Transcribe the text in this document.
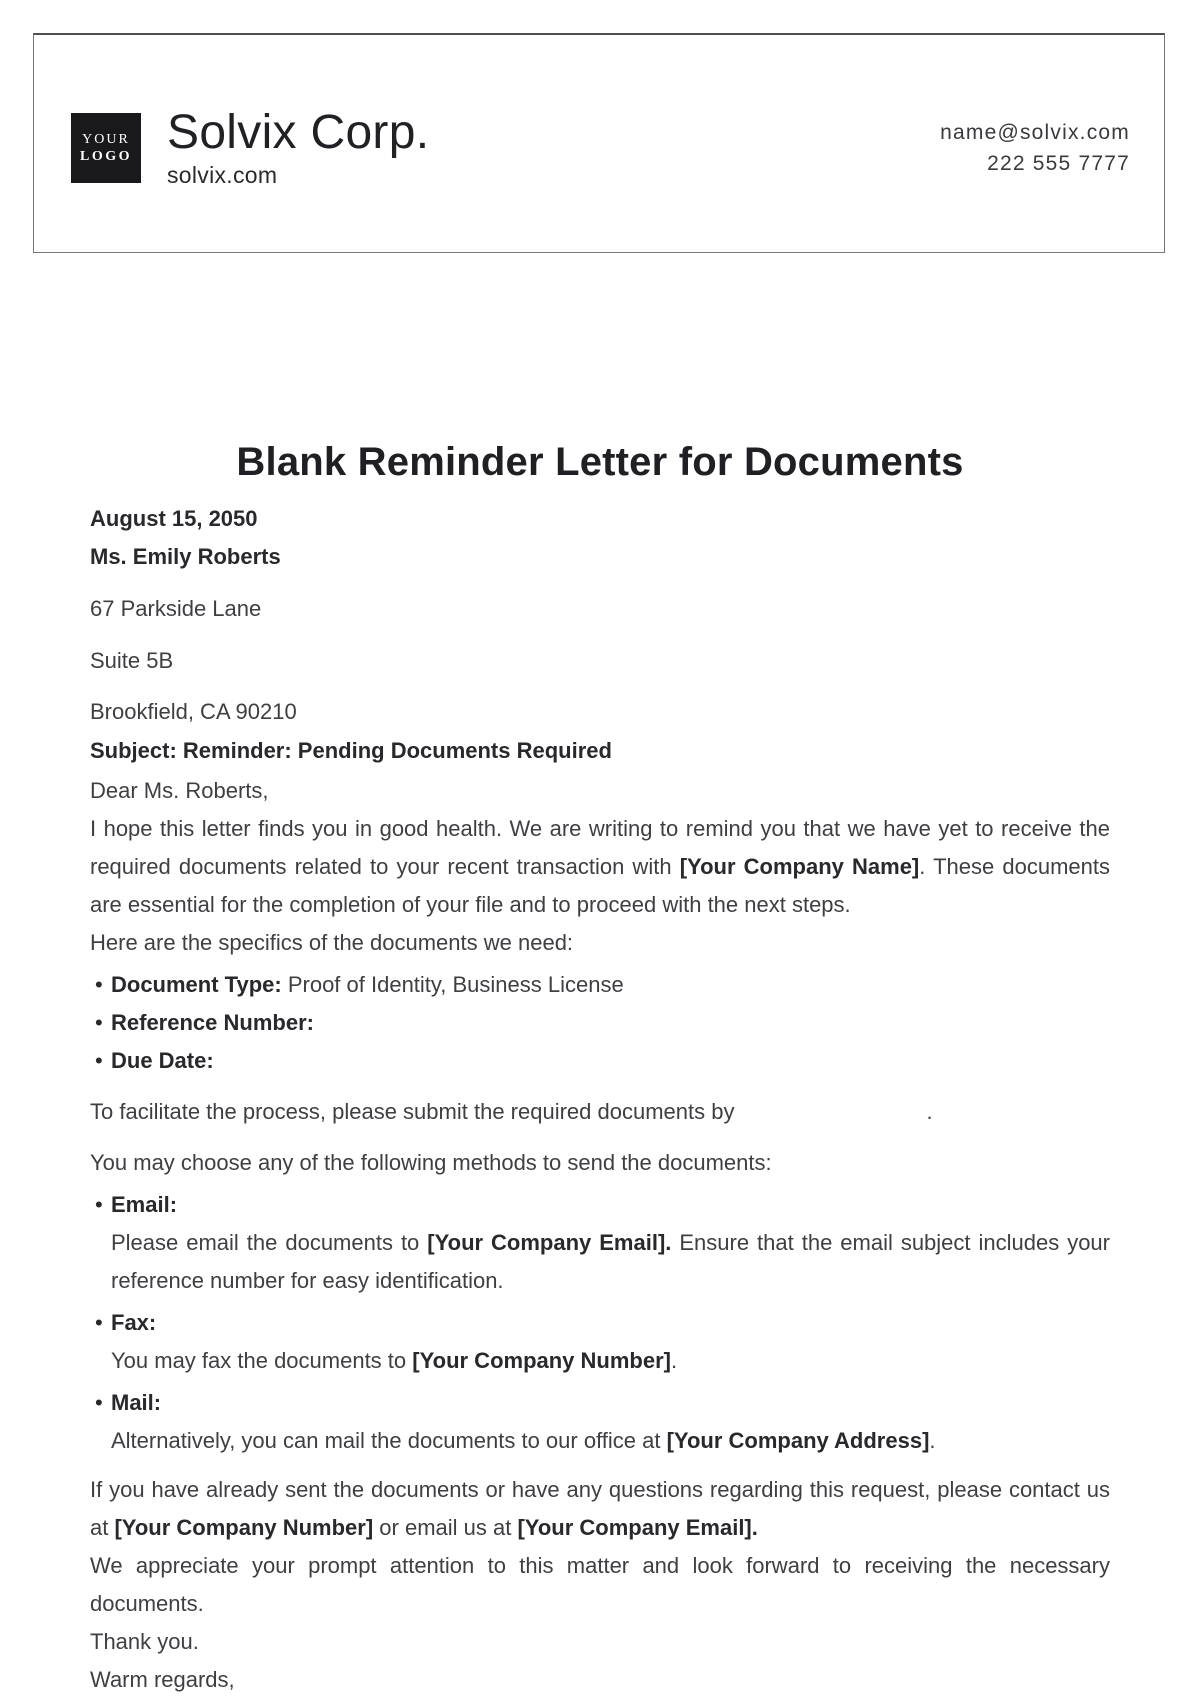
YOUR
LOGO Solvix Corp.
solvix.com
name@solvix.com
222 555 7777
Blank Reminder Letter for Documents

August 15, 2050

Ms. Emily Roberts

67 Parkside Lane

Suite 5B

Brookfield, CA 90210

Subject: Reminder: Pending Documents Required

Dear Ms. Roberts,

I hope this letter finds you in good health. We are writing to remind you that we have yet to receive the required documents related to your recent transaction with [Your Company Name]. These documents are essential for the completion of your file and to proceed with the next steps.

Here are the specifics of the documents we need:

• Document Type: Proof of Identity, Business License
• Reference Number:
• Due Date:

To facilitate the process, please submit the required documents by	.

You may choose any of the following methods to send the documents:

• Email:

Please email the documents to [Your Company Email]. Ensure that the email subject includes your reference number for easy identification.

• Fax:

You may fax the documents to [Your Company Number].

• Mail:

Alternatively, you can mail the documents to our office at [Your Company Address].

If you have already sent the documents or have any questions regarding this request, please contact us at [Your Company Number] or email us at [Your Company Email].

We appreciate your prompt attention to this matter and look forward to receiving the necessary documents.

Thank you.

Warm regards,
